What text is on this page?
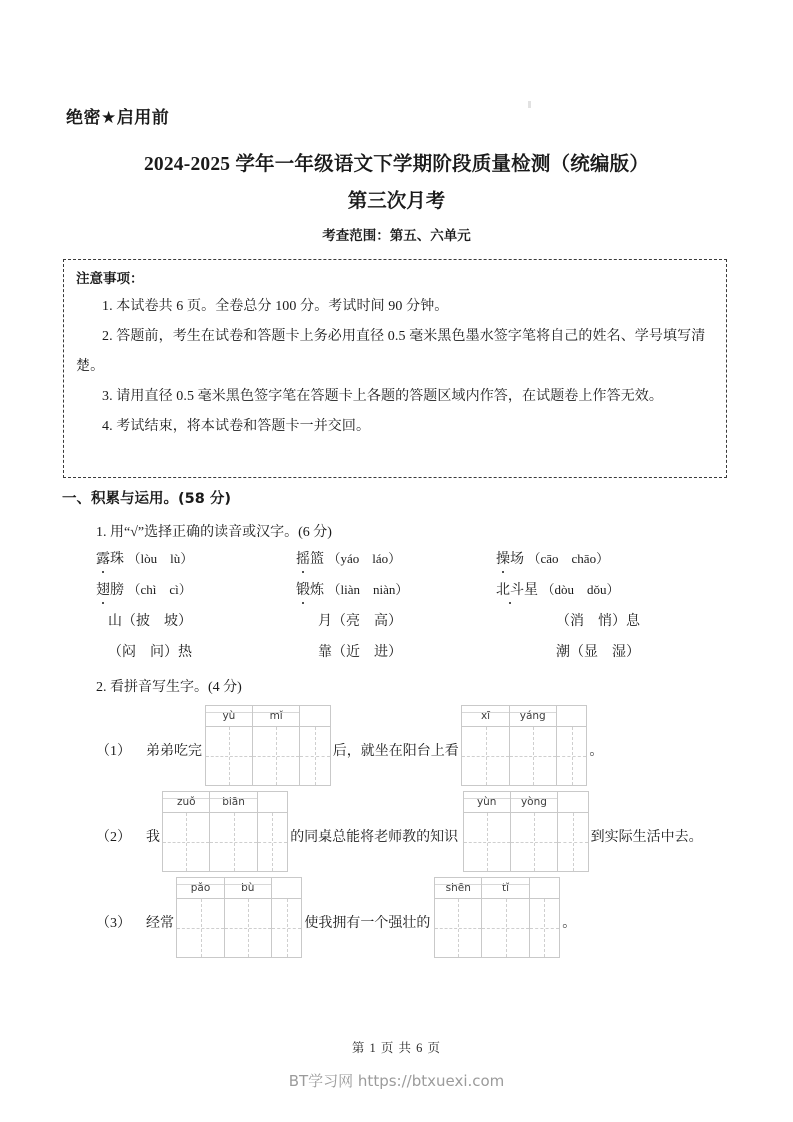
绝密★启用前
2024-2025 学年一年级语文下学期阶段质量检测（统编版）
第三次月考
考查范围：第五、六单元
注意事项：
1. 本试卷共 6 页。全卷总分 100 分。考试时间 90 分钟。
2. 答题前，考生在试卷和答题卡上务必用直径 0.5 毫米黑色墨水签字笔将自己的姓名、学号填写清楚。
3. 请用直径 0.5 毫米黑色签字笔在答题卡上各题的答题区域内作答，在试题卷上作答无效。
4. 考试结束，将本试卷和答题卡一并交回。
一、积累与运用。(58 分)
1. 用“√”选择正确的读音或汉字。(6 分)
露珠 （lòu　lù）	摇篮 （yáo　láo）	操场 （cāo　chāo）
翅膀 （chì　cì）	锻炼 （liàn　niàn）	北斗星 （dòu　dǒu）
山（披　坡）	月（亮　高）	（消　悄）息
（闷　问）热	靠（近　进）	潮（显　湿）
2. 看拼音写生字。(4 分)
（1） 弟弟吃完
yù	mǐ
后，就坐在阳台上看
xī	yáng
。
（2） 我
zuǒ	biān
的同桌总能将老师教的知识
yùn	yòng
到实际生活中去。
（3） 经常
pǎo	bù
使我拥有一个强壮的
shēn	tǐ
。
第 1 页 共 6 页
BT学习网 https://btxuexi.com
